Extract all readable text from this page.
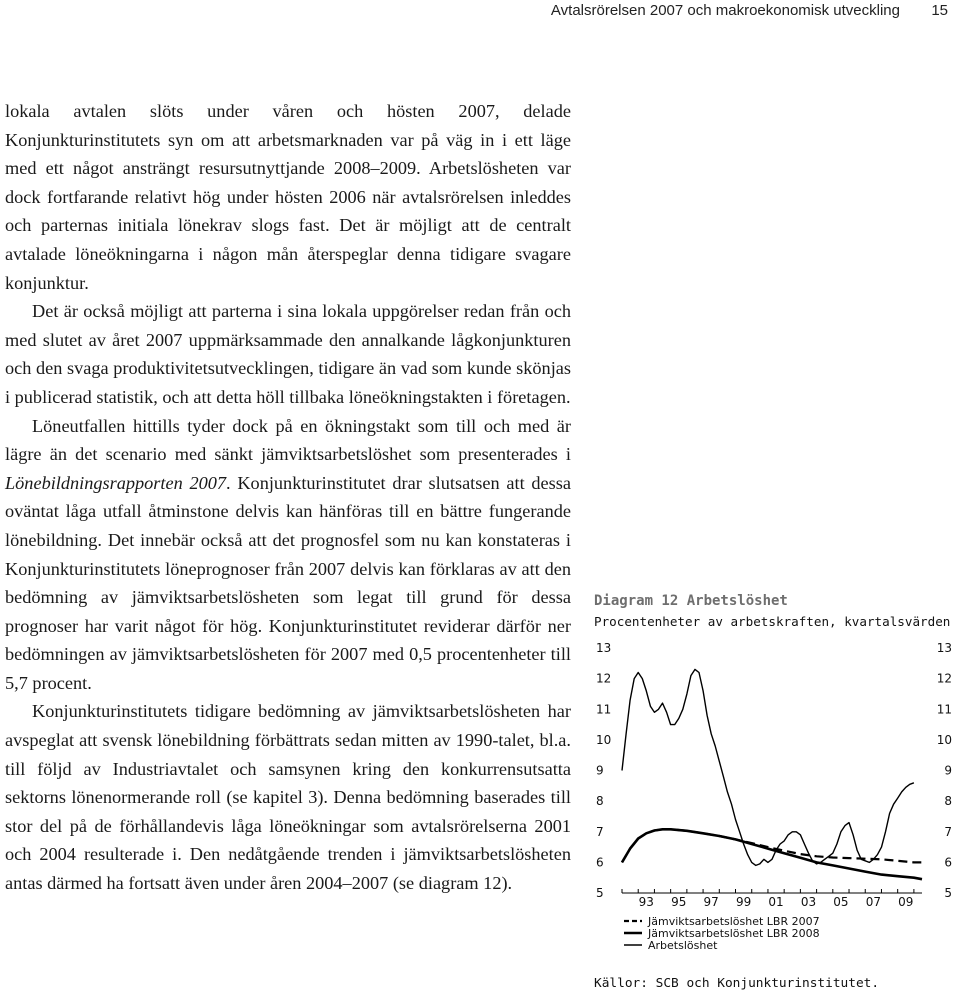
Avtalsrörelsen 2007 och makroekonomisk utveckling 15

lokala avtalen slöts under våren och hösten 2007, delade Konjunkturinstitutets syn om att arbetsmarknaden var på väg in i ett läge med ett något ansträngt resursutnyttjande 2008–2009. Arbetslösheten var dock fortfarande relativt hög under hösten 2006 när avtalsrörelsen inleddes och parternas initiala lönekrav slogs fast. Det är möjligt att de centralt avtalade löneökningarna i någon mån återspeglar denna tidigare svagare konjunktur.

Det är också möjligt att parterna i sina lokala uppgörelser redan från och med slutet av året 2007 uppmärksammade den annalkande lågkonjunkturen och den svaga produktivitetsutvecklingen, tidigare än vad som kunde skönjas i publicerad statistik, och att detta höll tillbaka löneökningstakten i företagen.

Löneutfallen hittills tyder dock på en ökningstakt som till och med är lägre än det scenario med sänkt jämviktsarbetslöshet som presenterades i Lönebildningsrapporten 2007. Konjunkturinstitutet drar slutsatsen att dessa oväntat låga utfall åtminstone delvis kan hänföras till en bättre fungerande lönebildning. Det innebär också att det prognosfel som nu kan konstateras i Konjunkturinstitutets löneprognoser från 2007 delvis kan förklaras av att den bedömning av jämviktsarbetslösheten som legat till grund för dessa prognoser har varit något för hög. Konjunkturinstitutet reviderar därför ner bedömningen av jämviktsarbetslösheten för 2007 med 0,5 procentenheter till 5,7 procent.

Konjunkturinstitutets tidigare bedömning av jämviktsarbetslösheten har avspeglat att svensk lönebildning förbättrats sedan mitten av 1990-talet, bl.a. till följd av Industriavtalet och samsynen kring den konkurrensutsatta sektorns lönenormerande roll (se kapitel 3). Denna bedömning baserades till stor del på de förhållandevis låga löneökningar som avtalsrörelserna 2001 och 2004 resulterade i. Den nedåtgående trenden i jämviktsarbetslösheten antas därmed ha fortsatt även under åren 2004–2007 (se diagram 12).

Diagram 12 Arbetslöshet
Procentenheter av arbetskraften, kvartalsvärden
5	5
6	6
7	7
8	8
9	9
10	10
11	11
12	12
13	13
93 95 97 99 01 03 05 07 09
Jämviktsarbetslöshet LBR 2007
Jämviktsarbetslöshet LBR 2008
Arbetslöshet
Källor: SCB och Konjunkturinstitutet.
